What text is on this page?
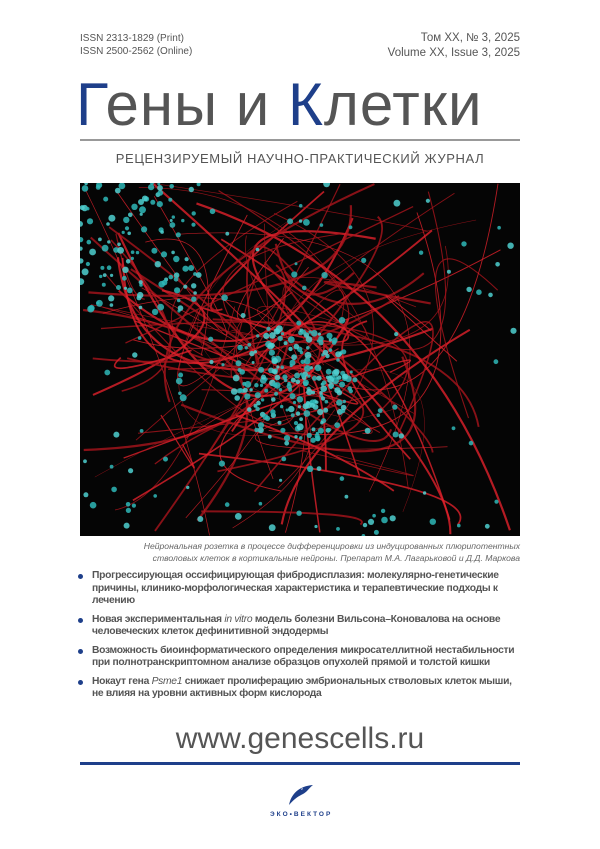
ISSN 2313-1829 (Print)
ISSN 2500-2562 (Online)
Том XX, № 3, 2025
Volume XX, Issue 3, 2025
Гены и Клетки
РЕЦЕНЗИРУЕМЫЙ НАУЧНО-ПРАКТИЧЕСКИЙ ЖУРНАЛ
Нейрональная розетка в процессе дифференцировки из индуцированных плюрипотентных
стволовых клеток в кортикальные нейроны. Препарат М.А. Лагарьковой и Д.Д. Маркова
Прогрессирующая оссифицирующая фибродисплазия: молекулярно-генетические причины, клинико-морфологическая характеристика и терапевтические подходы к лечению
Новая экспериментальная in vitro модель болезни Вильсона–Коновалова на основе человеческих клеток дефинитивной эндодермы
Возможность биоинформатического определения микросателлитной нестабильности при полнотранскриптомном анализе образцов опухолей прямой и толстой кишки
Нокаут гена Psme1 снижает пролиферацию эмбриональных стволовых клеток мыши, не влияя на уровни активных форм кислорода
www.genescells.ru
ЭКО•ВЕКТОР
